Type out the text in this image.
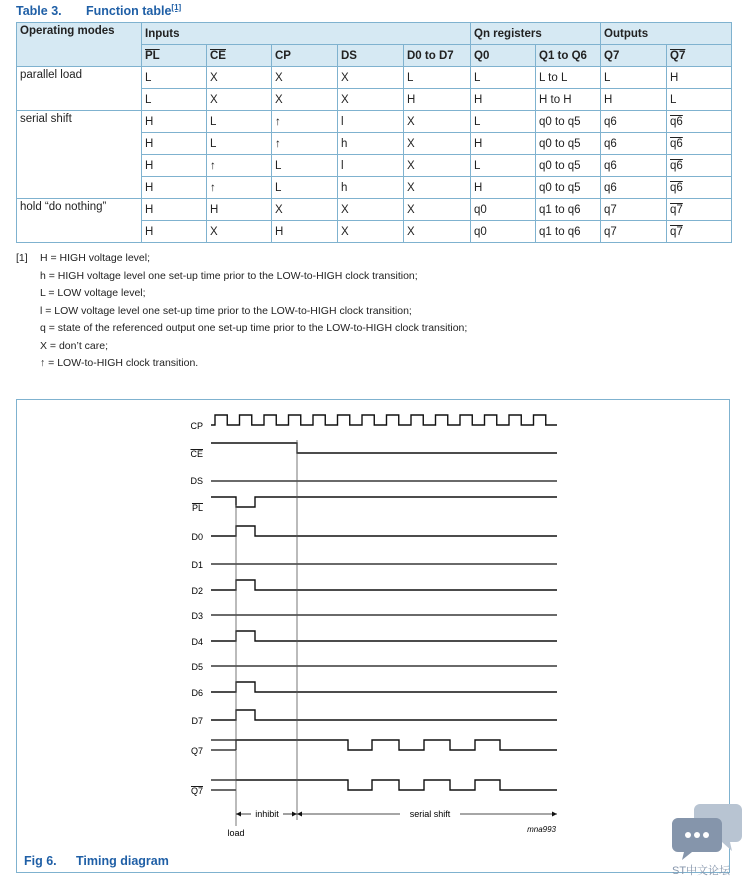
Table 3. Function table[1]
Operating modes	Inputs					Qn registers		Outputs	
	$\overline{PL}$	$\overline{CE}$	CP	DS	D0 to D7	Q0	Q1 to Q6	Q7	Q7
parallel load	L	X	X	X	L	L	L to L	L	H
	L	X	X	X	H	H	H to H	H	L
serial shift	H	L	↑	l	X	L	q0 to q5	q6	q6
	H	L	↑	h	X	H	q0 to q5	q6	q6
	H	↑	L	l	X	L	q0 to q5	q6	q6
	H	↑	L	h	X	H	q0 to q5	q6	q6
hold “do nothing”	H	H	X	X	X	q0	q1 to q6	q7	q7
	H	X	H	X	X	q0	q1 to q6	q7	q7
[1] H = HIGH voltage level;
h = HIGH voltage level one set-up time prior to the LOW-to-HIGH clock transition;
L = LOW voltage level;
l = LOW voltage level one set-up time prior to the LOW-to-HIGH clock transition;
q = state of the referenced output one set-up time prior to the LOW-to-HIGH clock transition;
X = don’t care;
↑ = LOW-to-HIGH clock transition.
CP
CE
DS
PL
D0
D1
D2
D3
D4
D5
D6
D7
Q7
Q7
inhibit	serial shift
load	mna993
Fig 6. Timing diagram
ST中文论坛
